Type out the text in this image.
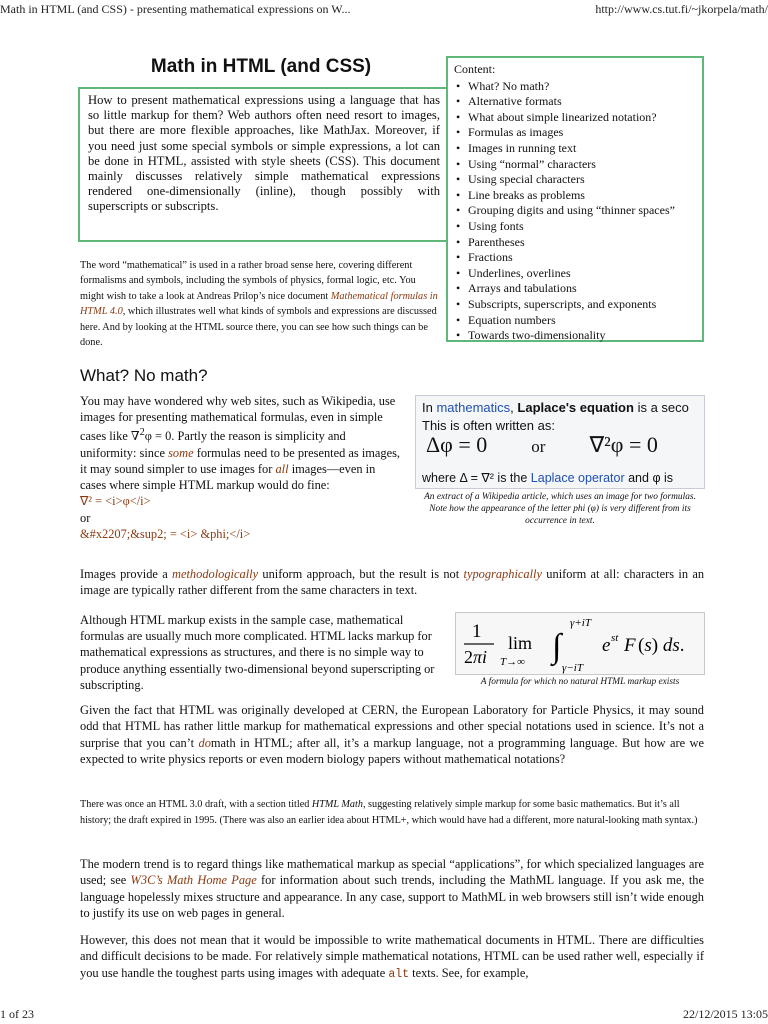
Math in HTML (and CSS) - presenting mathematical expressions on W...	http://www.cs.tut.fi/~jkorpela/math/
Math in HTML (and CSS)
How to present mathematical expressions using a language that has so little markup for them? Web authors often need resort to images, but there are more flexible approaches, like MathJax. Moreover, if you need just some special symbols or simple expressions, a lot can be done in HTML, assisted with style sheets (CSS). This document mainly discusses relatively simple mathematical expressions rendered one-dimensionally (inline), though possibly with superscripts or subscripts.

The word “mathematical” is used in a rather broad sense here, covering different formalisms and symbols, including the symbols of physics, formal logic, etc. You might wish to take a look at Andreas Prilop’s nice document Mathematical formulas in HTML 4.0, which illustrates well what kinds of symbols and expressions are discussed here. And by looking at the HTML source there, you can see how such things can be done.

Content:
• What? No math?
• Alternative formats
• What about simple linearized notation?
• Formulas as images
• Images in running text
• Using “normal” characters
• Using special characters
• Line breaks as problems
• Grouping digits and using “thinner spaces”
• Using fonts
• Parentheses
• Fractions
• Underlines, overlines
• Arrays and tabulations
• Subscripts, superscripts, and exponents
• Equation numbers
• Towards two-dimensionality
What? No math?

You may have wondered why web sites, such as Wikipedia, use images for presenting mathematical formulas, even in simple cases like ∇$^2$φ = 0. Partly the reason is simplicity and uniformity: since some formulas need to be presented as images, it may sound simpler to use images for all images—even in cases where simple HTML markup would do fine:
∇² = <i>φ</i>
or
&#x2207;&sup2; = <i> &phi;</i>

In mathematics, Laplace's equation is a seco
This is often written as:
Δφ = 0	or ∇²φ = 0
where Δ = ∇² is the Laplace operator and φ is

An extract of a Wikipedia article, which uses an image for two formulas. Note how the appearance of the letter phi (φ) is very different from its occurrence in text.

Images provide a methodologically uniform approach, but the result is not typographically uniform at all: characters in an image are typically rather different from the same characters in text.

Although HTML markup exists in the sample case, mathematical formulas are usually much more complicated. HTML lacks markup for mathematical expressions as structures, and there is no simple way to produce anything essentially two-dimensional beyond superscripting or subscripting.

1
2πi
lim
T→∞ ∫
γ+iT
γ−iT
e st F (s) ds.

A formula for which no natural HTML markup exists

Given the fact that HTML was originally developed at CERN, the European Laboratory for Particle Physics, it may sound odd that HTML has rather little markup for mathematical expressions and other special notations used in science. It’s not a surprise that you can’t domath in HTML; after all, it’s a markup language, not a programming language. But how are we expected to write physics reports or even modern biology papers without mathematical notations?

There was once an HTML 3.0 draft, with a section titled HTML Math, suggesting relatively simple markup for some basic mathematics. But it’s all history; the draft expired in 1995. (There was also an earlier idea about HTML+, which would have had a different, more natural-looking math syntax.)

The modern trend is to regard things like mathematical markup as special “applications”, for which specialized languages are used; see W3C’s Math Home Page for information about such trends, including the MathML language. If you ask me, the language hopelessly mixes structure and appearance. In any case, support to MathML in web browsers still isn’t wide enough to justify its use on web pages in general.

However, this does not mean that it would be impossible to write mathematical documents in HTML. There are difficulties and difficult decisions to be made. For relatively simple mathematical notations, HTML can be used rather well, especially if you use handle the toughest parts using images with adequate alt texts. See, for example,

1 of 23	22/12/2015 13:05
